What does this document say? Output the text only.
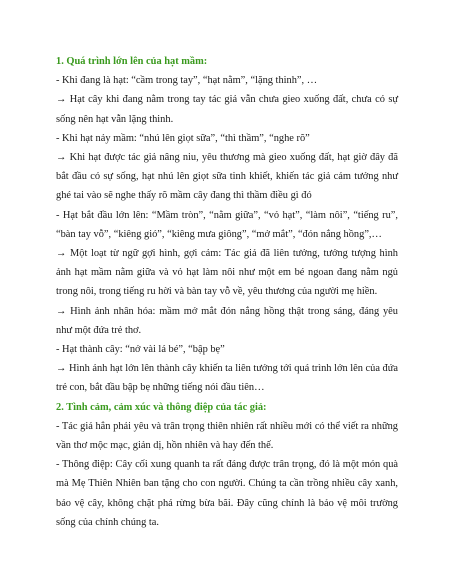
1. Quá trình lớn lên của hạt mầm:

- Khi đang là hạt: “cầm trong tay”, “hạt nằm”, “lặng thinh”, …

→ Hạt cây khi đang nằm trong tay tác giả vẫn chưa gieo xuống đất, chưa có sự sống nên hạt vẫn lặng thinh.

- Khi hạt nảy mầm: “nhú lên giọt sữa”, “thì thầm”, “nghe rõ”

→ Khi hạt được tác giả nâng niu, yêu thương mà gieo xuống đất, hạt giờ đây đã bắt đầu có sự sống, hạt nhú lên giọt sữa tinh khiết, khiến tác giả cảm tưởng như ghé tai vào sẽ nghe thấy rõ mầm cây đang thì thầm điều gì đó

- Hạt bắt đầu lớn lên: “Mầm tròn”, “nằm giữa”, “vỏ hạt”, “làm nôi”, “tiếng ru”, “bàn tay vỗ”, “kiêng gió”, “kiêng mưa giông”, “mở mắt”, “đón nắng hồng”,…

→ Một loạt từ ngữ gợi hình, gợi cảm: Tác giả đã liên tưởng, tưởng tượng hình ảnh hạt mầm nằm giữa và vỏ hạt làm nôi như một em bé ngoan đang nằm ngủ trong nôi, trong tiếng ru hời và bàn tay vỗ về, yêu thương của người mẹ hiền.

→ Hình ảnh nhân hóa: mầm mở mắt đón nắng hồng thật trong sáng, đáng yêu như một đứa trẻ thơ.

- Hạt thành cây: “nở vài lá bé”, “bập bẹ”

→ Hình ảnh hạt lớn lên thành cây khiến ta liên tưởng tới quá trình lớn lên của đứa trẻ con, bắt đầu bập bẹ những tiếng nói đầu tiên…

2. Tình cảm, cảm xúc và thông điệp của tác giả:

- Tác giả hẳn phải yêu và trân trọng thiên nhiên rất nhiều mới có thể viết ra những vần thơ mộc mạc, giản dị, hồn nhiên và hay đến thế.

- Thông điệp: Cây cối xung quanh ta rất đáng được trân trọng, đó là một món quà mà Mẹ Thiên Nhiên ban tặng cho con người. Chúng ta cần trồng nhiều cây xanh, bảo vệ cây, không chặt phá rừng bừa bãi. Đây cũng chính là bảo vệ môi trường sống của chính chúng ta.
